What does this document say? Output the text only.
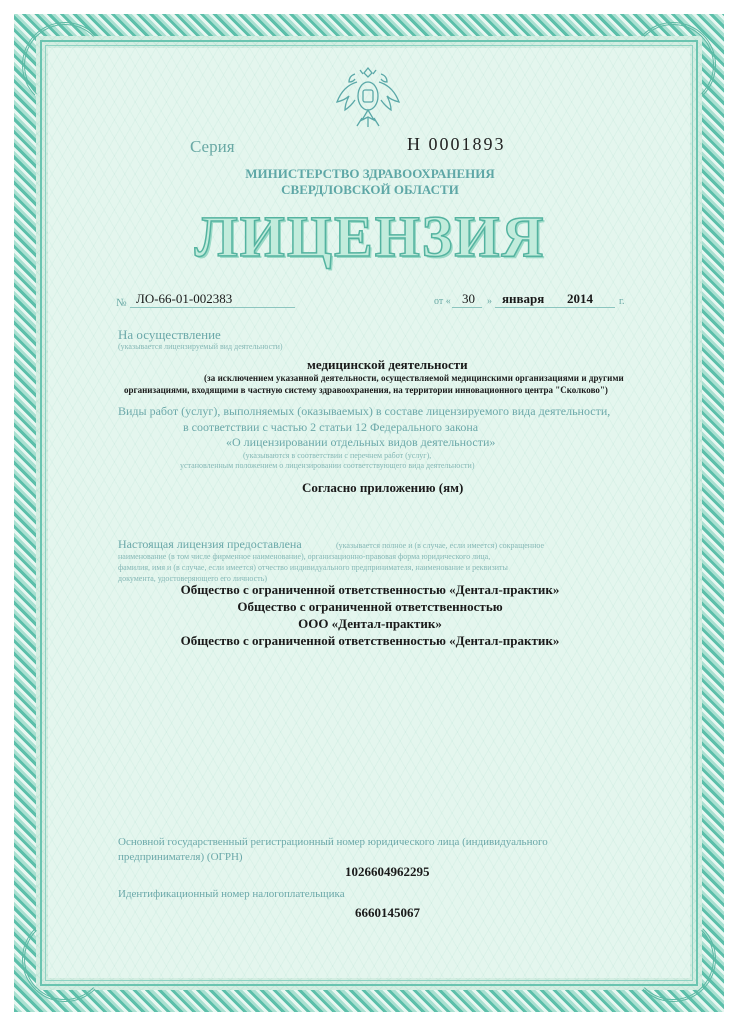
Серия	Н 0001893
МИНИСТЕРСТВО ЗДРАВООХРАНЕНИЯ
СВЕРДЛОВСКОЙ ОБЛАСТИ
ЛИЦЕНЗИЯ
№ ЛО-66-01-002383	от « 30 » января 2014	г.
На осуществление
(указывается лицензируемый вид деятельности)
медицинской деятельности
(за исключением указанной деятельности, осуществляемой медицинскими организациями и другими
организациями, входящими в частную систему здравоохранения, на территории инновационного центра "Сколково")
Виды работ (услуг), выполняемых (оказываемых) в составе лицензируемого вида деятельности,
в соответствии с частью 2 статьи 12 Федерального закона
«О лицензировании отдельных видов деятельности»
(указываются в соответствии с перечнем работ (услуг),
установленным положением о лицензировании соответствующего вида деятельности)
Согласно приложению (ям)
Настоящая лицензия предоставлена	(указывается полное и (в случае, если имеется) сокращенное
наименование (в том числе фирменное наименование), организационно-правовая форма юридического лица,
фамилия, имя и (в случае, если имеется) отчество индивидуального предпринимателя, наименование и реквизиты
документа, удостоверяющего его личность)
Общество с ограниченной ответственностью «Дентал-практик»
Общество с ограниченной ответственностью
ООО «Дентал-практик»
Общество с ограниченной ответственностью «Дентал-практик»
Основной государственный регистрационный номер юридического лица (индивидуального
предпринимателя) (ОГРН)
1026604962295
Идентификационный номер налогоплательщика
6660145067
